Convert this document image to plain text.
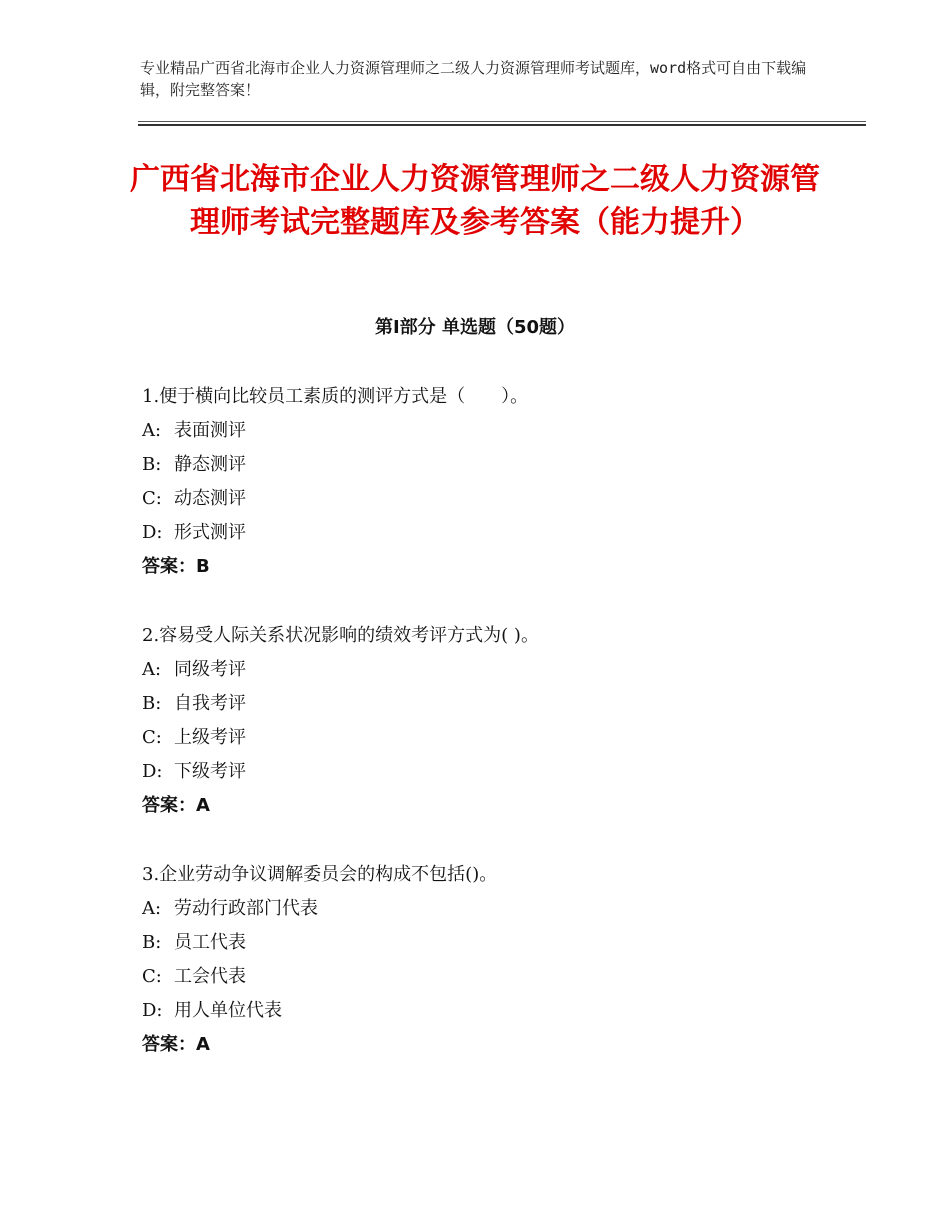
专业精品广西省北海市企业人力资源管理师之二级人力资源管理师考试题库，word格式可自由下载编辑，附完整答案！
广西省北海市企业人力资源管理师之二级人力资源管理师考试完整题库及参考答案（能力提升）
第Ⅰ部分 单选题（50题）
1.便于横向比较员工素质的测评方式是（　　）。
A: 表面测评
B: 静态测评
C: 动态测评
D: 形式测评
答案：B
2.容易受人际关系状况影响的绩效考评方式为( )。
A: 同级考评
B: 自我考评
C: 上级考评
D: 下级考评
答案：A
3.企业劳动争议调解委员会的构成不包括()。
A: 劳动行政部门代表
B: 员工代表
C: 工会代表
D: 用人单位代表
答案：A
